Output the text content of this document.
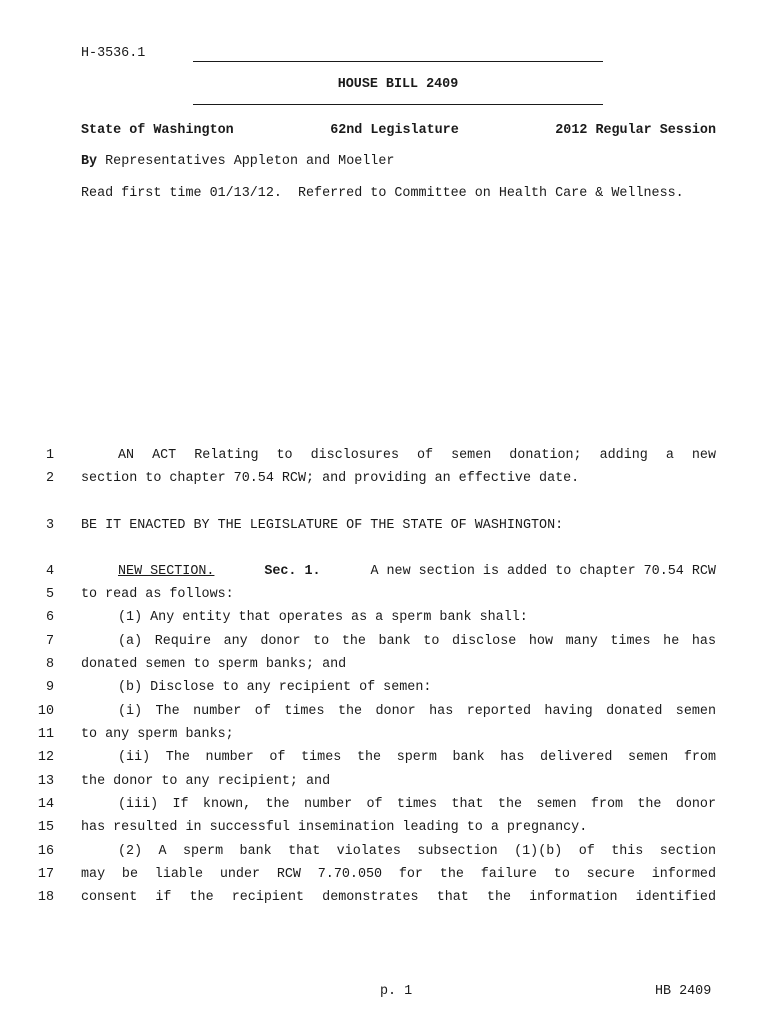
H-3536.1
HOUSE BILL 2409
State of Washington	62nd Legislature	2012 Regular Session
By Representatives Appleton and Moeller
Read first time 01/13/12.  Referred to Committee on Health Care & Wellness.
1	AN ACT Relating to disclosures of semen donation; adding a new
2 section to chapter 70.54 RCW; and providing an effective date.
3 BE IT ENACTED BY THE LEGISLATURE OF THE STATE OF WASHINGTON:
4	NEW SECTION.	Sec. 1.	A new section is added to chapter 70.54 RCW
5 to read as follows:
6	(1) Any entity that operates as a sperm bank shall:
7	(a) Require any donor to the bank to disclose how many times he has
8 donated semen to sperm banks; and
9	(b) Disclose to any recipient of semen:
10	(i) The number of times the donor has reported having donated semen
11 to any sperm banks;
12	(ii) The number of times the sperm bank has delivered semen from
13 the donor to any recipient; and
14	(iii) If known, the number of times that the semen from the donor
15 has resulted in successful insemination leading to a pregnancy.
16	(2) A sperm bank that violates subsection (1)(b) of this section
17 may be liable under RCW 7.70.050 for the failure to secure informed
18 consent if the recipient demonstrates that the information identified
p. 1	HB 2409
